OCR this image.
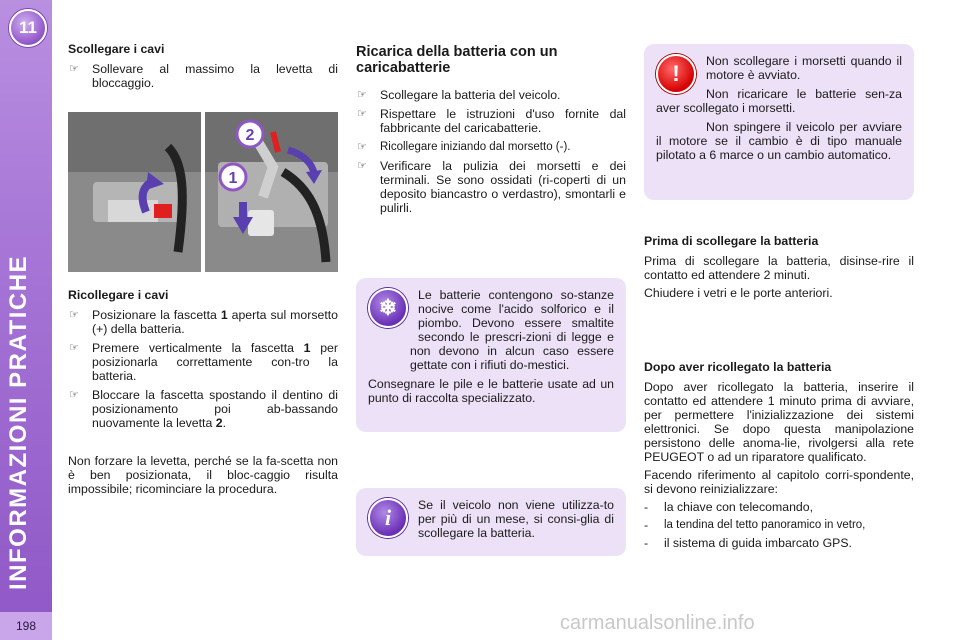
11
INFORMAZIONI PRATICHE
198
Scollegare i cavi
☞	Sollevare al massimo la levetta di bloccaggio.
1
2
Ricollegare i cavi
☞	Posizionare la fascetta 1 aperta sul morsetto (+) della batteria.
☞	Premere verticalmente la fascetta 1 per posizionarla correttamente con-tro la batteria.
☞	Bloccare la fascetta spostando il dentino di posizionamento poi ab-bassando nuovamente la levetta 2.

Non forzare la levetta, perché se la fa-scetta non è ben posizionata, il bloc-caggio risulta impossibile; ricominciare la procedura.

Ricarica della batteria con un caricabatterie
☞	Scollegare la batteria del veicolo.
☞	Rispettare le istruzioni d'uso fornite dal fabbricante del caricabatterie.
☞	Ricollegare iniziando dal morsetto (-).
☞	Verificare la pulizia dei morsetti e dei terminali. Se sono ossidati (ri-coperti di un deposito biancastro o verdastro), smontarli e pulirli.
❄	Le batterie contengono so-stanze nocive come l'acido solforico e il piombo. Devono essere smaltite secondo le prescri-zioni di legge e non devono in alcun caso essere gettate con i rifiuti do-mestici.

Consegnare le pile e le batterie usate ad un punto di raccolta specializzato.

i	Se il veicolo non viene utilizza-to per più di un mese, si consi-glia di scollegare la batteria.

!	Non scollegare i morsetti quando il motore è avviato.

Non ricaricare le batterie sen-za aver scollegato i morsetti.

Non spingere il veicolo per avviare il motore se il cambio è di tipo manuale pilotato a 6 marce o un cambio automatico.

Prima di scollegare la batteria

Prima di scollegare la batteria, disinse-rire il contatto ed attendere 2 minuti.

Chiudere i vetri e le porte anteriori.

Dopo aver ricollegato la batteria

Dopo aver ricollegato la batteria, inserire il contatto ed attendere 1 minuto prima di avviare, per permettere l'inizializzazione dei sistemi elettronici. Se dopo questa manipolazione persistono delle anoma-lie, rivolgersi alla rete PEUGEOT o ad un riparatore qualificato.

Facendo riferimento al capitolo corri-spondente, si devono reinizializzare:

-	la chiave con telecomando,
-	la tendina del tetto panoramico in vetro,
-	il sistema di guida imbarcato GPS.
carmanualsonline.info
